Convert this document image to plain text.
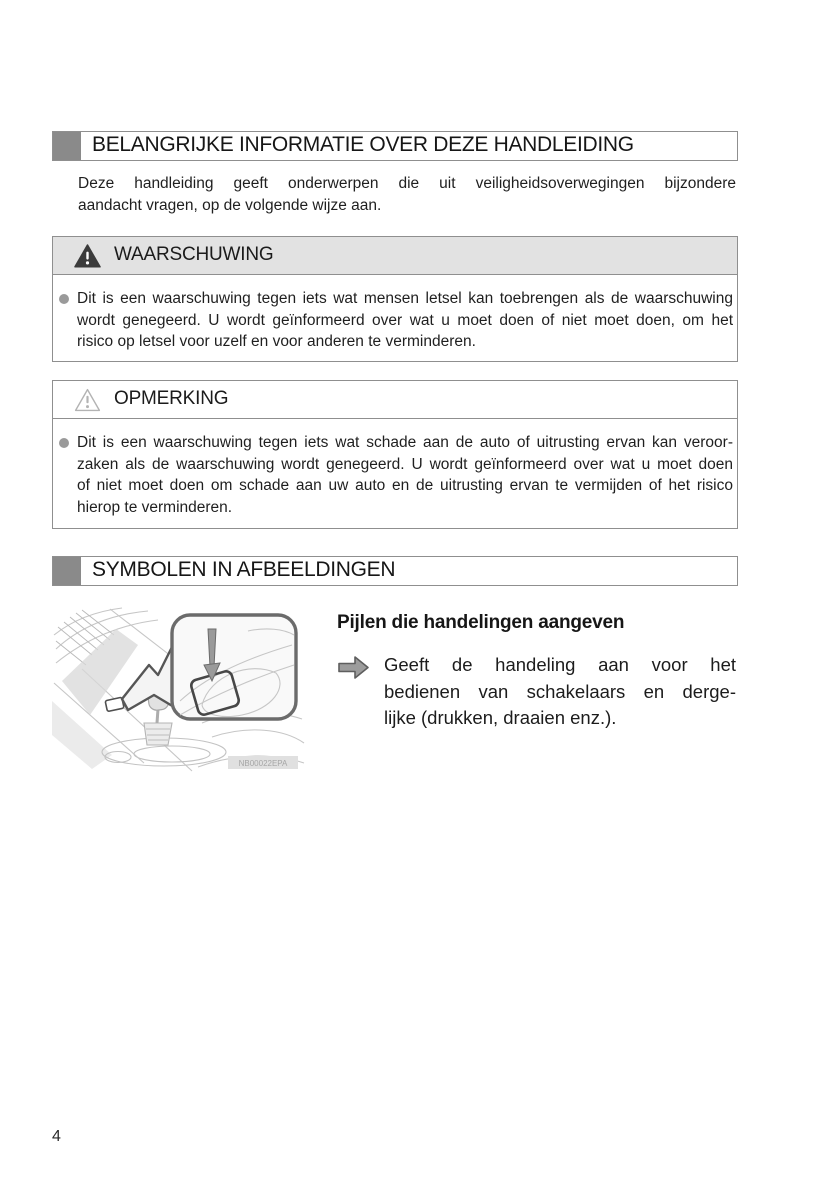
BELANGRIJKE INFORMATIE OVER DEZE HANDLEIDING
Deze handleiding geeft onderwerpen die uit veiligheidsoverwegingen bijzondere
aandacht vragen, op de volgende wijze aan.
WAARSCHUWING
Dit is een waarschuwing tegen iets wat mensen letsel kan toebrengen als de waarschuwing
wordt genegeerd. U wordt geïnformeerd over wat u moet doen of niet moet doen, om het
risico op letsel voor uzelf en voor anderen te verminderen.
OPMERKING
Dit is een waarschuwing tegen iets wat schade aan de auto of uitrusting ervan kan veroor-
zaken als de waarschuwing wordt genegeerd. U wordt geïnformeerd over wat u moet doen
of niet moet doen om schade aan uw auto en de uitrusting ervan te vermijden of het risico
hierop te verminderen.
SYMBOLEN IN AFBEELDINGEN
NB00022EPA
Pijlen die handelingen aangeven
Geeft de handeling aan voor het
bedienen van schakelaars en derge-
lijke (drukken, draaien enz.).
4
